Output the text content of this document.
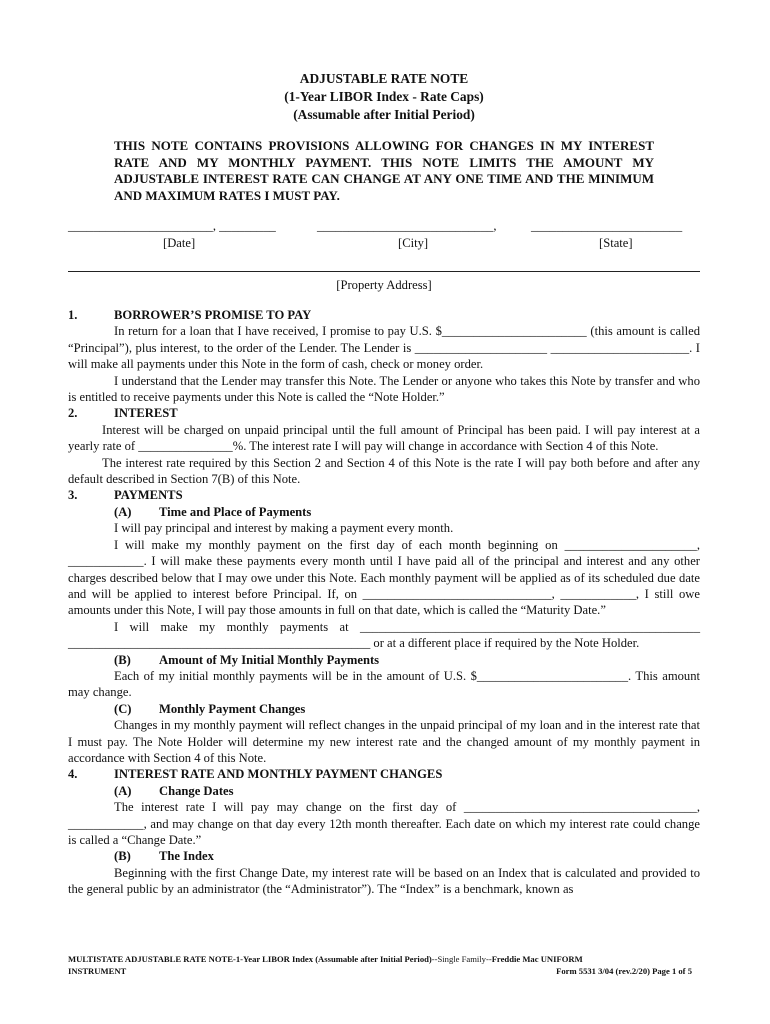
ADJUSTABLE RATE NOTE
(1-Year LIBOR Index - Rate Caps)
(Assumable after Initial Period)
THIS NOTE CONTAINS PROVISIONS ALLOWING FOR CHANGES IN MY INTEREST RATE AND MY MONTHLY PAYMENT. THIS NOTE LIMITS THE AMOUNT MY ADJUSTABLE INTEREST RATE CAN CHANGE AT ANY ONE TIME AND THE MINIMUM AND MAXIMUM RATES I MUST PAY.
_______________________, _________	____________________________,	________________________
[Date]	[City]	[State]
[Property Address]
1.	BORROWER’S PROMISE TO PAY

In return for a loan that I have received, I promise to pay U.S. $_______________________ (this amount is called “Principal”), plus interest, to the order of the Lender. The Lender is _____________________ ______________________. I will make all payments under this Note in the form of cash, check or money order.

I understand that the Lender may transfer this Note. The Lender or anyone who takes this Note by transfer and who is entitled to receive payments under this Note is called the “Note Holder.”

2.	INTEREST

Interest will be charged on unpaid principal until the full amount of Principal has been paid. I will pay interest at a yearly rate of _______________%. The interest rate I will pay will change in accordance with Section 4 of this Note.

The interest rate required by this Section 2 and Section 4 of this Note is the rate I will pay both before and after any default described in Section 7(B) of this Note.

3.	PAYMENTS
(A)	Time and Place of Payments

I will pay principal and interest by making a payment every month.

I will make my monthly payment on the first day of each month beginning on _____________________, ____________. I will make these payments every month until I have paid all of the principal and interest and any other charges described below that I may owe under this Note. Each monthly payment will be applied as of its scheduled due date and will be applied to interest before Principal. If, on ______________________________, ____________, I still owe amounts under this Note, I will pay those amounts in full on that date, which is called the “Maturity Date.”

I will make my monthly payments at ______________________________________________________ ________________________________________________ or at a different place if required by the Note Holder.

(B)	Amount of My Initial Monthly Payments

Each of my initial monthly payments will be in the amount of U.S. $________________________. This amount may change.

(C)	Monthly Payment Changes

Changes in my monthly payment will reflect changes in the unpaid principal of my loan and in the interest rate that I must pay. The Note Holder will determine my new interest rate and the changed amount of my monthly payment in accordance with Section 4 of this Note.

4.	INTEREST RATE AND MONTHLY PAYMENT CHANGES
(A)	Change Dates

The interest rate I will pay may change on the first day of _____________________________________, ____________, and may change on that day every 12th month thereafter. Each date on which my interest rate could change is called a “Change Date.”

(B)	The Index

Beginning with the first Change Date, my interest rate will be based on an Index that is calculated and provided to the general public by an administrator (the “Administrator”). The “Index” is a benchmark, known as

MULTISTATE ADJUSTABLE RATE NOTE-1-Year LIBOR Index (Assumable after Initial Period)--Single Family--Freddie Mac UNIFORM
INSTRUMENT	Form 5531 3/04 (rev.2/20) Page 1 of 5
